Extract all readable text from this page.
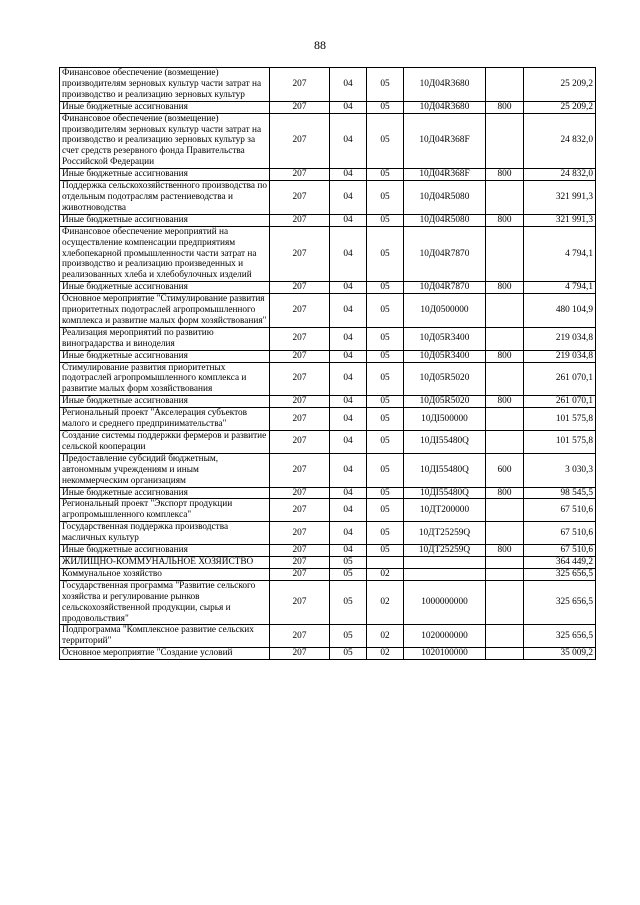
88
Финансовое обеспечение (возмещение) производителям зерновых культур части затрат на производство и реализацию зерновых культур	207	04	05	10Д04R3680		25 209,2
Иные бюджетные ассигнования	207	04	05	10Д04R3680	800	25 209,2
Финансовое обеспечение (возмещение) производителям зерновых культур части затрат на производство и реализацию зерновых культур за счет средств резервного фонда Правительства Российской Федерации	207	04	05	10Д04R368F		24 832,0
Иные бюджетные ассигнования	207	04	05	10Д04R368F	800	24 832,0
Поддержка сельскохозяйственного производства по отдельным подотраслям растениеводства и животноводства	207	04	05	10Д04R5080		321 991,3
Иные бюджетные ассигнования	207	04	05	10Д04R5080	800	321 991,3
Финансовое обеспечение мероприятий на осуществление компенсации предприятиям хлебопекарной промышленности части затрат на производство и реализацию произведенных и реализованных хлеба и хлебобулочных изделий	207	04	05	10Д04R7870		4 794,1
Иные бюджетные ассигнования	207	04	05	10Д04R7870	800	4 794,1
Основное мероприятие "Стимулирование развития приоритетных подотраслей агропромышленного комплекса и развитие малых форм хозяйствования"	207	04	05	10Д0500000		480 104,9
Реализация мероприятий по развитию виноградарства и виноделия	207	04	05	10Д05R3400		219 034,8
Иные бюджетные ассигнования	207	04	05	10Д05R3400	800	219 034,8
Стимулирование развития приоритетных подотраслей агропромышленного комплекса и развитие малых форм хозяйствования	207	04	05	10Д05R5020		261 070,1
Иные бюджетные ассигнования	207	04	05	10Д05R5020	800	261 070,1
Региональный проект "Акселерация субъектов малого и среднего предпринимательства"	207	04	05	10ДI500000		101 575,8
Создание системы поддержки фермеров и развитие сельской кооперации	207	04	05	10ДI55480Q		101 575,8
Предоставление субсидий бюджетным, автономным учреждениям и иным некоммерческим организациям	207	04	05	10ДI55480Q	600	3 030,3
Иные бюджетные ассигнования	207	04	05	10ДI55480Q	800	98 545,5
Региональный проект "Экспорт продукции агропромышленного комплекса"	207	04	05	10ДТ200000		67 510,6
Государственная поддержка производства масличных культур	207	04	05	10ДТ25259Q		67 510,6
Иные бюджетные ассигнования	207	04	05	10ДТ25259Q	800	67 510,6
ЖИЛИЩНО-КОММУНАЛЬНОЕ ХОЗЯЙСТВО	207	05				364 449,2
Коммунальное хозяйство	207	05	02			325 656,5
Государственная программа "Развитие сельского хозяйства и регулирование рынков сельскохозяйственной продукции, сырья и продовольствия"	207	05	02	1000000000		325 656,5
Подпрограмма "Комплексное развитие сельских территорий"	207	05	02	1020000000		325 656,5
Основное мероприятие "Создание условий	207	05	02	1020100000		35 009,2
